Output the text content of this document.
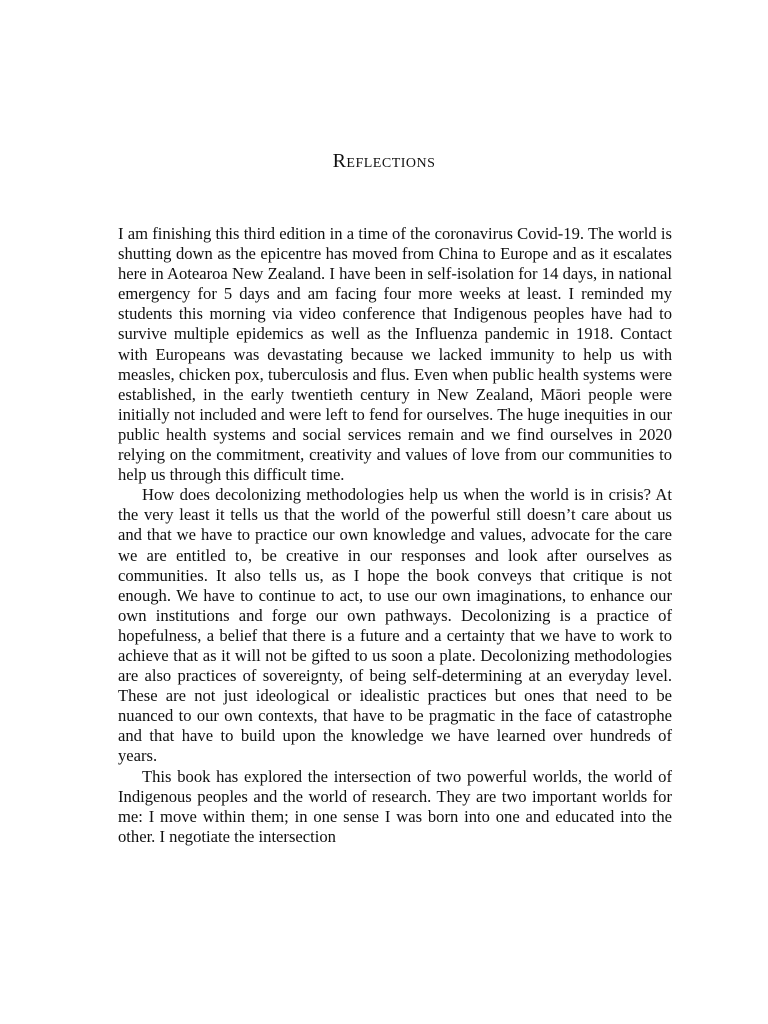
Reflections

I am finishing this third edition in a time of the coronavirus Covid-19. The world is shutting down as the epicentre has moved from China to Europe and as it escalates here in Aotearoa New Zealand. I have been in self-isolation for 14 days, in national emergency for 5 days and am facing four more weeks at least. I reminded my students this morning via video conference that Indigenous peoples have had to survive multiple epidemics as well as the Influenza pandemic in 1918. Contact with Europeans was devastating because we lacked immunity to help us with measles, chicken pox, tuberculosis and flus. Even when public health systems were established, in the early twentieth century in New Zealand, Māori people were initially not included and were left to fend for ourselves. The huge inequities in our public health systems and social services remain and we find ourselves in 2020 relying on the commitment, creativity and values of love from our communities to help us through this difficult time.

How does decolonizing methodologies help us when the world is in crisis? At the very least it tells us that the world of the powerful still doesn’t care about us and that we have to practice our own knowledge and values, advocate for the care we are entitled to, be creative in our responses and look after ourselves as communities. It also tells us, as I hope the book conveys that critique is not enough. We have to continue to act, to use our own imaginations, to enhance our own institutions and forge our own pathways. Decolonizing is a practice of hopefulness, a belief that there is a future and a certainty that we have to work to achieve that as it will not be gifted to us soon a plate. Decolonizing methodologies are also practices of sovereignty, of being self-determining at an everyday level. These are not just ideological or idealistic practices but ones that need to be nuanced to our own contexts, that have to be pragmatic in the face of catastrophe and that have to build upon the knowledge we have learned over hundreds of years.

This book has explored the intersection of two powerful worlds, the world of Indigenous peoples and the world of research. They are two important worlds for me: I move within them; in one sense I was born into one and educated into the other. I negotiate the intersection
